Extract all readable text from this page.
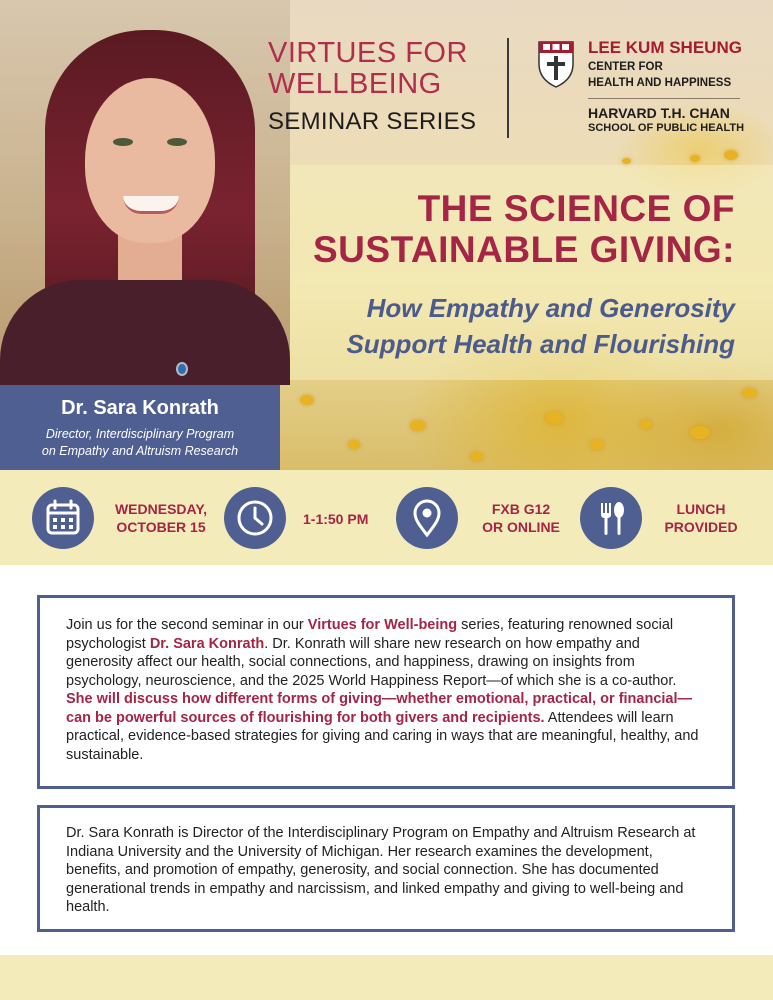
Dr. Sara Konrath
Director, Interdisciplinary Program
on Empathy and Altruism Research
VIRTUES FOR
WELLBEING
SEMINAR SERIES
LEE KUM SHEUNG
CENTER FOR
HEALTH AND HAPPINESS
HARVARD T.H. CHAN
SCHOOL OF PUBLIC HEALTH
THE SCIENCE OF
SUSTAINABLE GIVING:
How Empathy and Generosity
Support Health and Flourishing
WEDNESDAY,
OCTOBER 15	1-1:50 PM
FXB G12
OR ONLINE
LUNCH
PROVIDED

Join us for the second seminar in our Virtues for Well-being series, featuring renowned social psychologist Dr. Sara Konrath. Dr. Konrath will share new research on how empathy and generosity affect our health, social connections, and happiness, drawing on insights from psychology, neuroscience, and the 2025 World Happiness Report—of which she is a co-author. She will discuss how different forms of giving—whether emotional, practical, or financial—can be powerful sources of flourishing for both givers and recipients. Attendees will learn practical, evidence-based strategies for giving and caring in ways that are meaningful, healthy, and sustainable.

Dr. Sara Konrath is Director of the Interdisciplinary Program on Empathy and Altruism Research at Indiana University and the University of Michigan. Her research examines the development, benefits, and promotion of empathy, generosity, and social connection. She has documented generational trends in empathy and narcissism, and linked empathy and giving to well-being and health.
